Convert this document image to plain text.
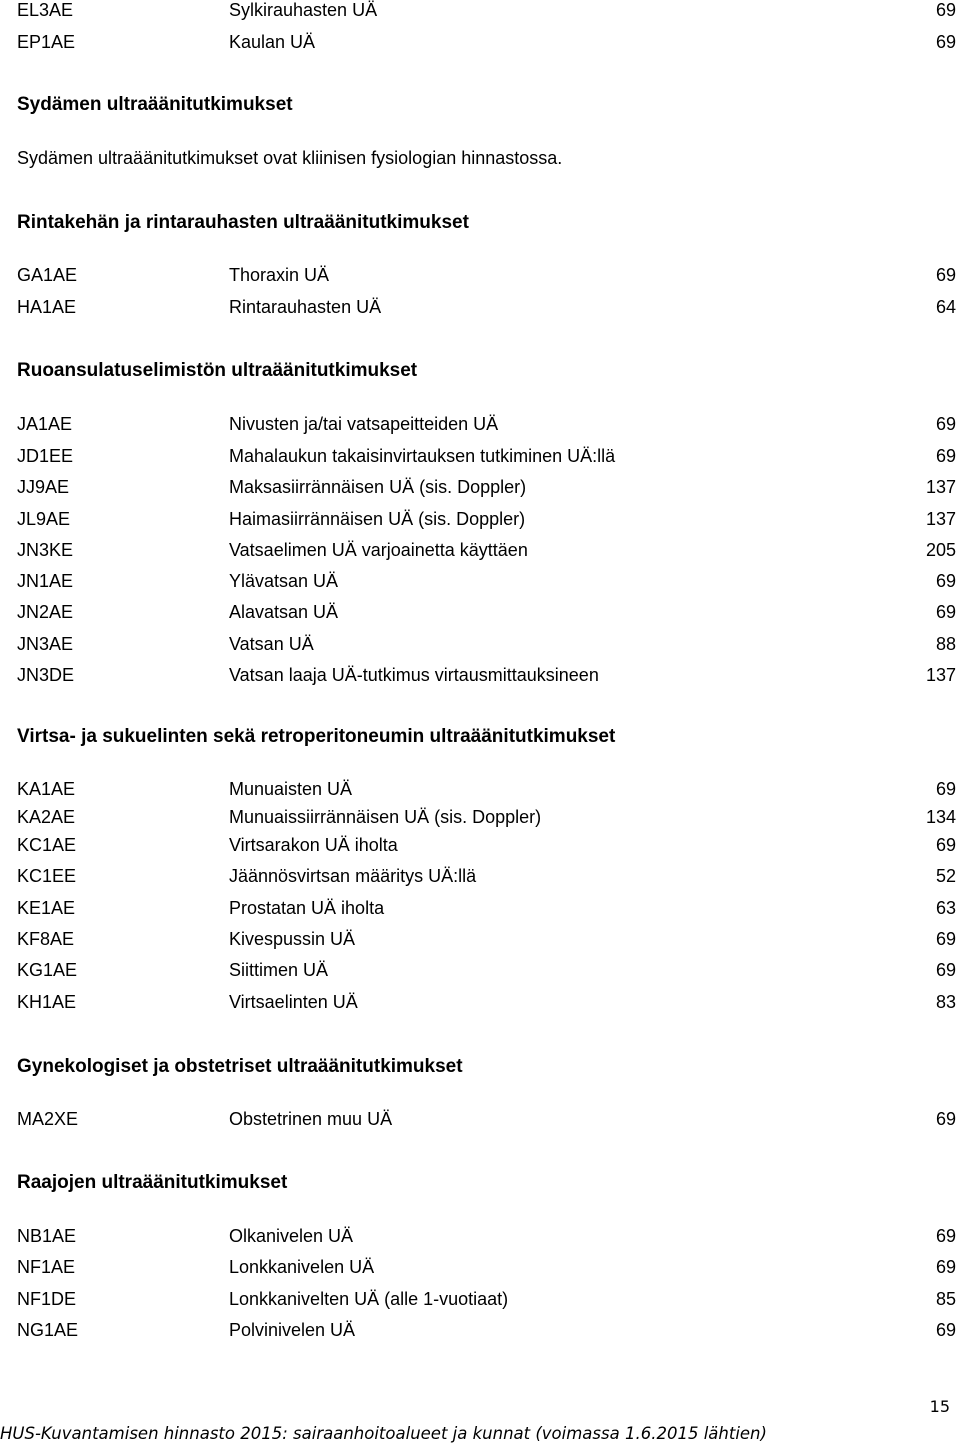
EL3AE	Sylkirauhasten UÄ	69
EP1AE	Kaulan UÄ	69
Sydämen ultraäänitutkimukset
Sydämen ultraäänitutkimukset ovat kliinisen fysiologian hinnastossa.
Rintakehän ja rintarauhasten ultraäänitutkimukset
GA1AE	Thoraxin UÄ	69
HA1AE	Rintarauhasten UÄ	64
Ruoansulatuselimistön ultraäänitutkimukset
JA1AE	Nivusten ja/tai vatsapeitteiden UÄ	69
JD1EE	Mahalaukun takaisinvirtauksen tutkiminen UÄ:llä	69
JJ9AE	Maksasiirrännäisen UÄ (sis. Doppler)	137
JL9AE	Haimasiirrännäisen UÄ (sis. Doppler)	137
JN3KE	Vatsaelimen UÄ varjoainetta käyttäen	205
JN1AE	Ylävatsan UÄ	69
JN2AE	Alavatsan UÄ	69
JN3AE	Vatsan UÄ	88
JN3DE	Vatsan laaja UÄ-tutkimus virtausmittauksineen	137
Virtsa- ja sukuelinten sekä retroperitoneumin ultraäänitutkimukset
KA1AE	Munuaisten UÄ	69
KA2AE	Munuaissiirrännäisen UÄ (sis. Doppler)	134
KC1AE	Virtsarakon UÄ iholta	69
KC1EE	Jäännösvirtsan määritys UÄ:llä	52
KE1AE	Prostatan UÄ iholta	63
KF8AE	Kivespussin UÄ	69
KG1AE	Siittimen UÄ	69
KH1AE	Virtsaelinten UÄ	83
Gynekologiset ja obstetriset ultraäänitutkimukset
MA2XE	Obstetrinen muu UÄ	69
Raajojen ultraäänitutkimukset
NB1AE	Olkanivelen UÄ	69
NF1AE	Lonkkanivelen UÄ	69
NF1DE	Lonkkanivelten UÄ (alle 1-vuotiaat)	85
NG1AE	Polvinivelen UÄ	69
15
HUS-Kuvantamisen hinnasto 2015: sairaanhoitoalueet ja kunnat (voimassa 1.6.2015 lähtien)
